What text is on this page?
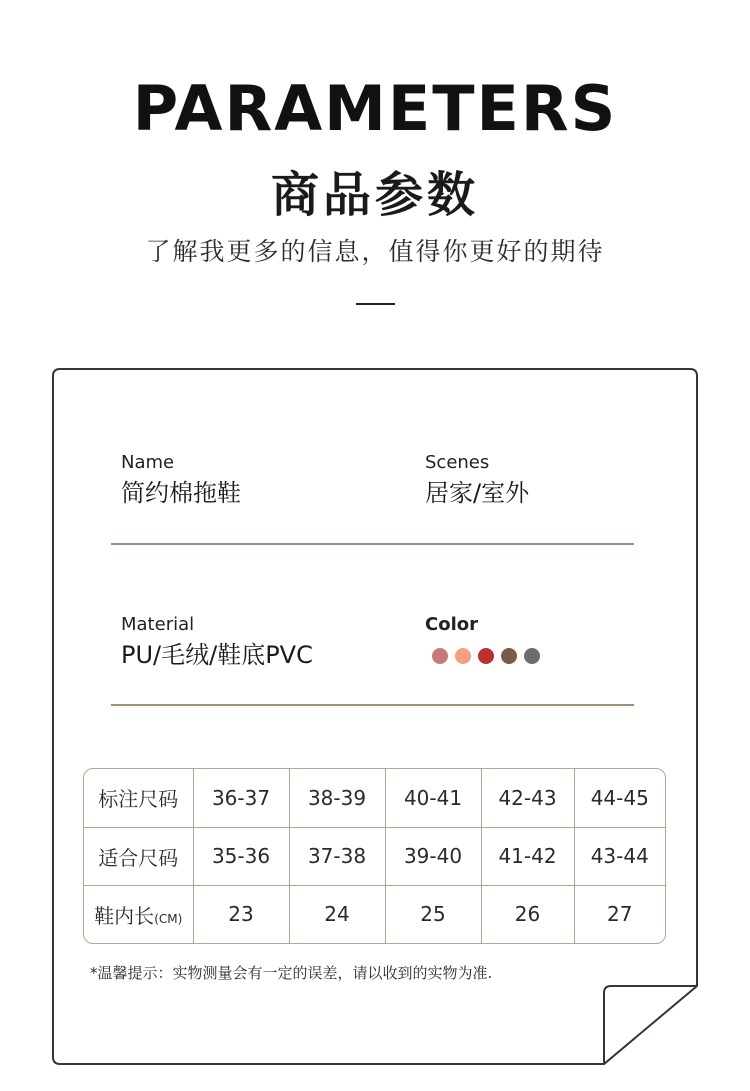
PARAMETERS
商品参数
了解我更多的信息，值得你更好的期待
Name
简约棉拖鞋
Scenes
居家/室外
Material
PU/毛绒/鞋底PVC
Color
标注尺码	36-37	38-39	40-41	42-43	44-45
适合尺码	35-36	37-38	39-40	41-42	43-44
鞋内长(CM)	23	24	25	26	27
*温馨提示：实物测量会有一定的误差，请以收到的实物为准.
